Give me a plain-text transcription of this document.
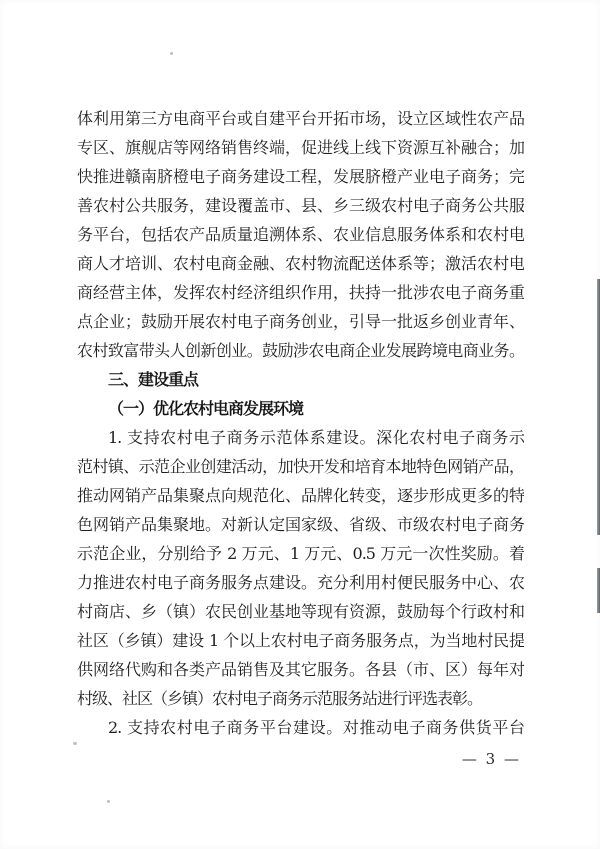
体利用第三方电商平台或自建平台开拓市场，设立区域性农产品
专区、旗舰店等网络销售终端，促进线上线下资源互补融合；加
快推进赣南脐橙电子商务建设工程，发展脐橙产业电子商务；完
善农村公共服务，建设覆盖市、县、乡三级农村电子商务公共服
务平台，包括农产品质量追溯体系、农业信息服务体系和农村电
商人才培训、农村电商金融、农村物流配送体系等；激活农村电
商经营主体，发挥农村经济组织作用，扶持一批涉农电子商务重
点企业；鼓励开展农村电子商务创业，引导一批返乡创业青年、
农村致富带头人创新创业。鼓励涉农电商企业发展跨境电商业务。
三、建设重点
（一）优化农村电商发展环境
1. 支持农村电子商务示范体系建设。深化农村电子商务示
范村镇、示范企业创建活动，加快开发和培育本地特色网销产品，
推动网销产品集聚点向规范化、品牌化转变，逐步形成更多的特
色网销产品集聚地。对新认定国家级、省级、市级农村电子商务
示范企业，分别给予 2 万元、1 万元、0.5 万元一次性奖励。着
力推进农村电子商务服务点建设。充分利用村便民服务中心、农
村商店、乡（镇）农民创业基地等现有资源，鼓励每个行政村和
社区（乡镇）建设 1 个以上农村电子商务服务点，为当地村民提
供网络代购和各类产品销售及其它服务。各县（市、区）每年对
村级、社区（乡镇）农村电子商务示范服务站进行评选表彰。
2. 支持农村电子商务平台建设。对推动电子商务供货平台
— 3 —
